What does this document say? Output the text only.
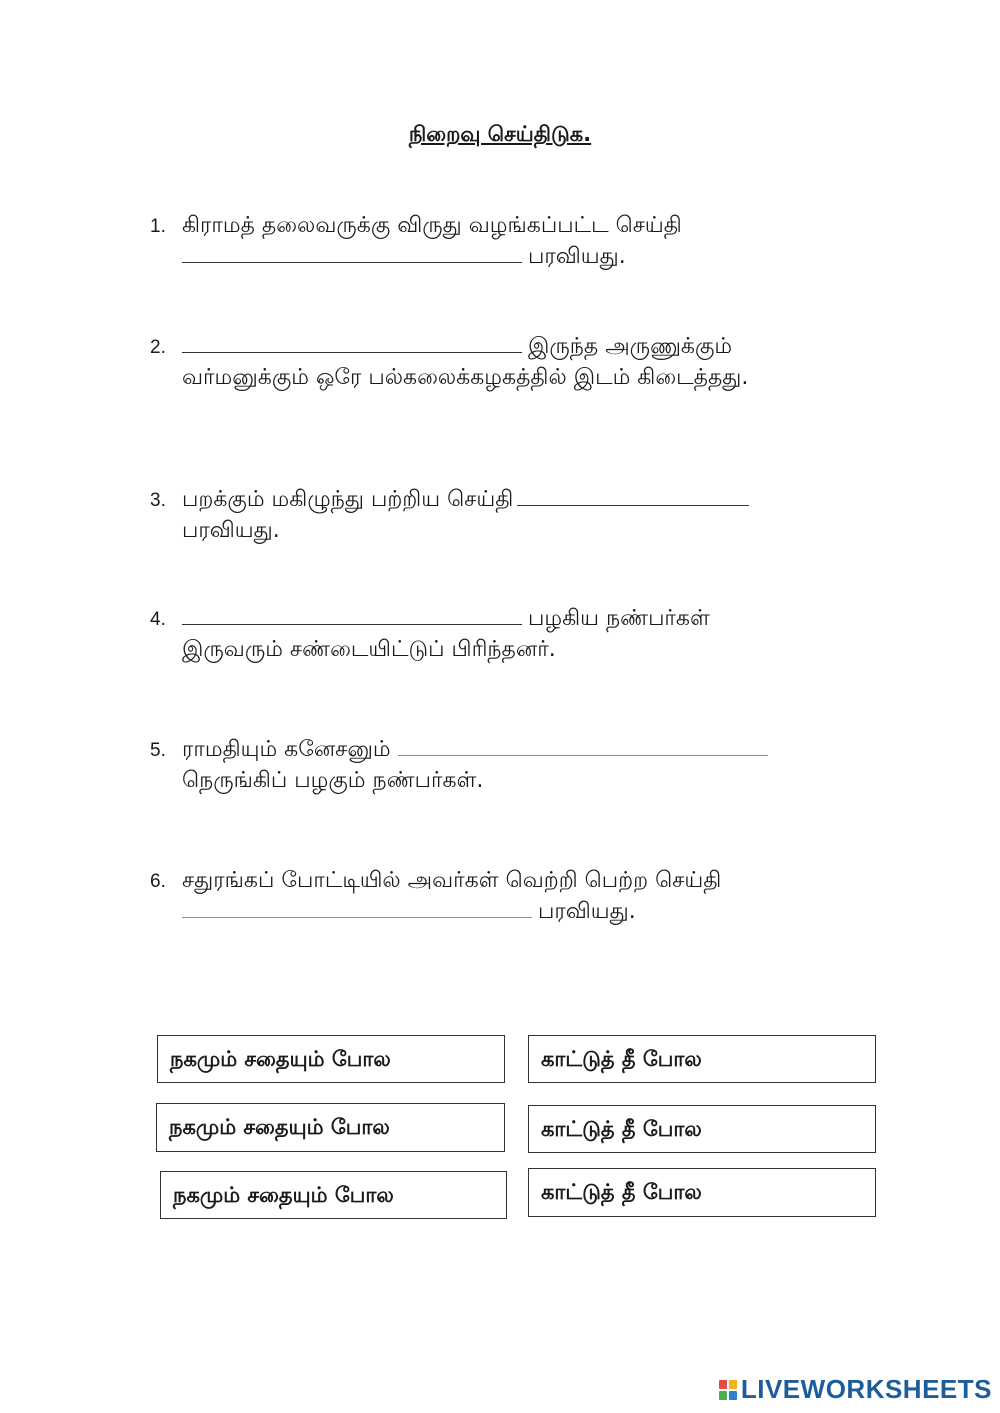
நிறைவு செய்திடுக.
1. கிராமத் தலைவருக்கு விருது வழங்கப்பட்ட செய்தி
பரவியது.
2.	இருந்த அருணுக்கும் வர்மனுக்கும் ஒரே பல்கலைக்கழகத்தில் இடம் கிடைத்தது.
3. பறக்கும் மகிழுந்து பற்றிய செய்தி
பரவியது.
4.	பழகிய நண்பர்கள் இருவரும் சண்டையிட்டுப் பிரிந்தனர்.
5. ராமதியும் கனேசனும்
நெருங்கிப் பழகும் நண்பர்கள்.
6. சதுரங்கப் போட்டியில் அவர்கள் வெற்றி பெற்ற செய்தி
பரவியது.
நகமும் சதையும் போல	காட்டுத் தீ போல
நகமும் சதையும் போல	காட்டுத் தீ போல
நகமும் சதையும் போல	காட்டுத் தீ போல
LIVEWORKSHEETS
